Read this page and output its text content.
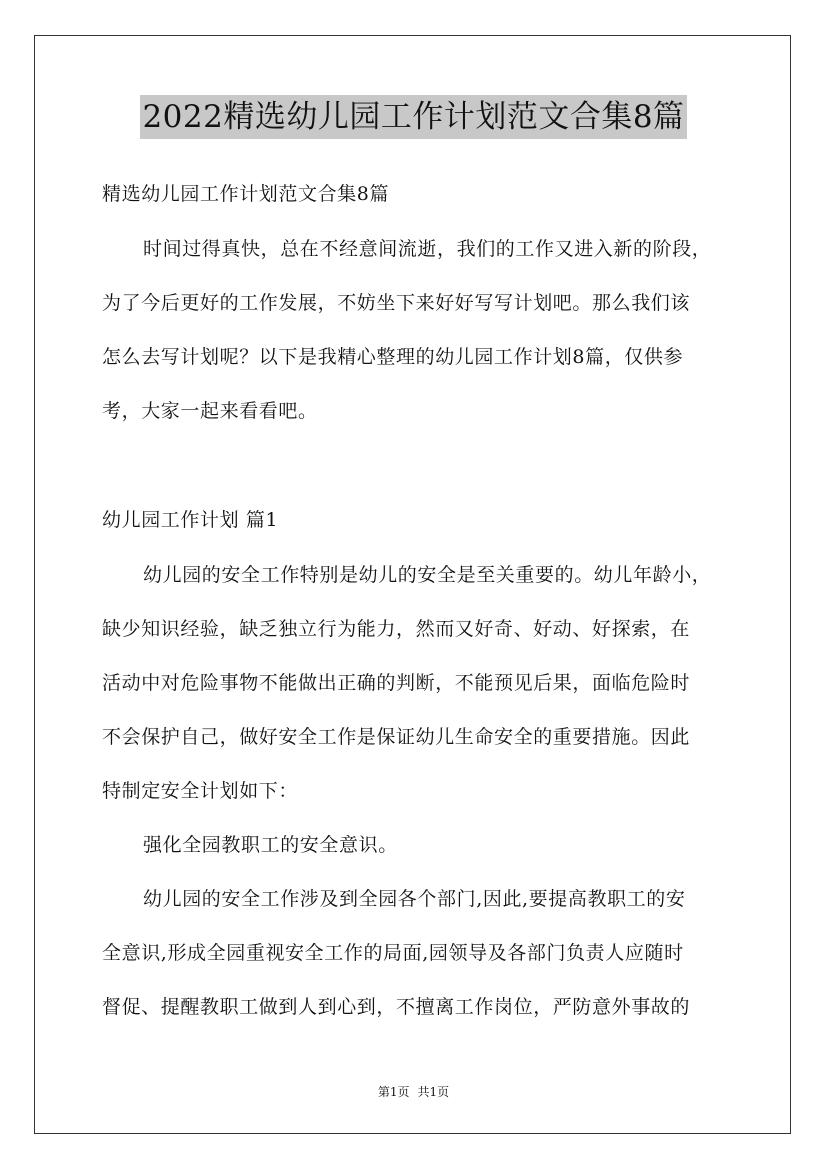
2022精选幼儿园工作计划范文合集8篇
精选幼儿园工作计划范文合集8篇
时间过得真快，总在不经意间流逝，我们的工作又进入新的阶段，
为了今后更好的工作发展，不妨坐下来好好写写计划吧。那么我们该
怎么去写计划呢？以下是我精心整理的幼儿园工作计划8篇，仅供参
考，大家一起来看看吧。
幼儿园工作计划 篇1
幼儿园的安全工作特别是幼儿的安全是至关重要的。幼儿年龄小，
缺少知识经验，缺乏独立行为能力，然而又好奇、好动、好探索，在
活动中对危险事物不能做出正确的判断，不能预见后果，面临危险时
不会保护自己，做好安全工作是保证幼儿生命安全的重要措施。因此
特制定安全计划如下：
强化全园教职工的安全意识。
幼儿园的安全工作涉及到全园各个部门,因此,要提高教职工的安
全意识,形成全园重视安全工作的局面,园领导及各部门负责人应随时
督促、提醒教职工做到人到心到，不擅离工作岗位，严防意外事故的
第1页 共1页
